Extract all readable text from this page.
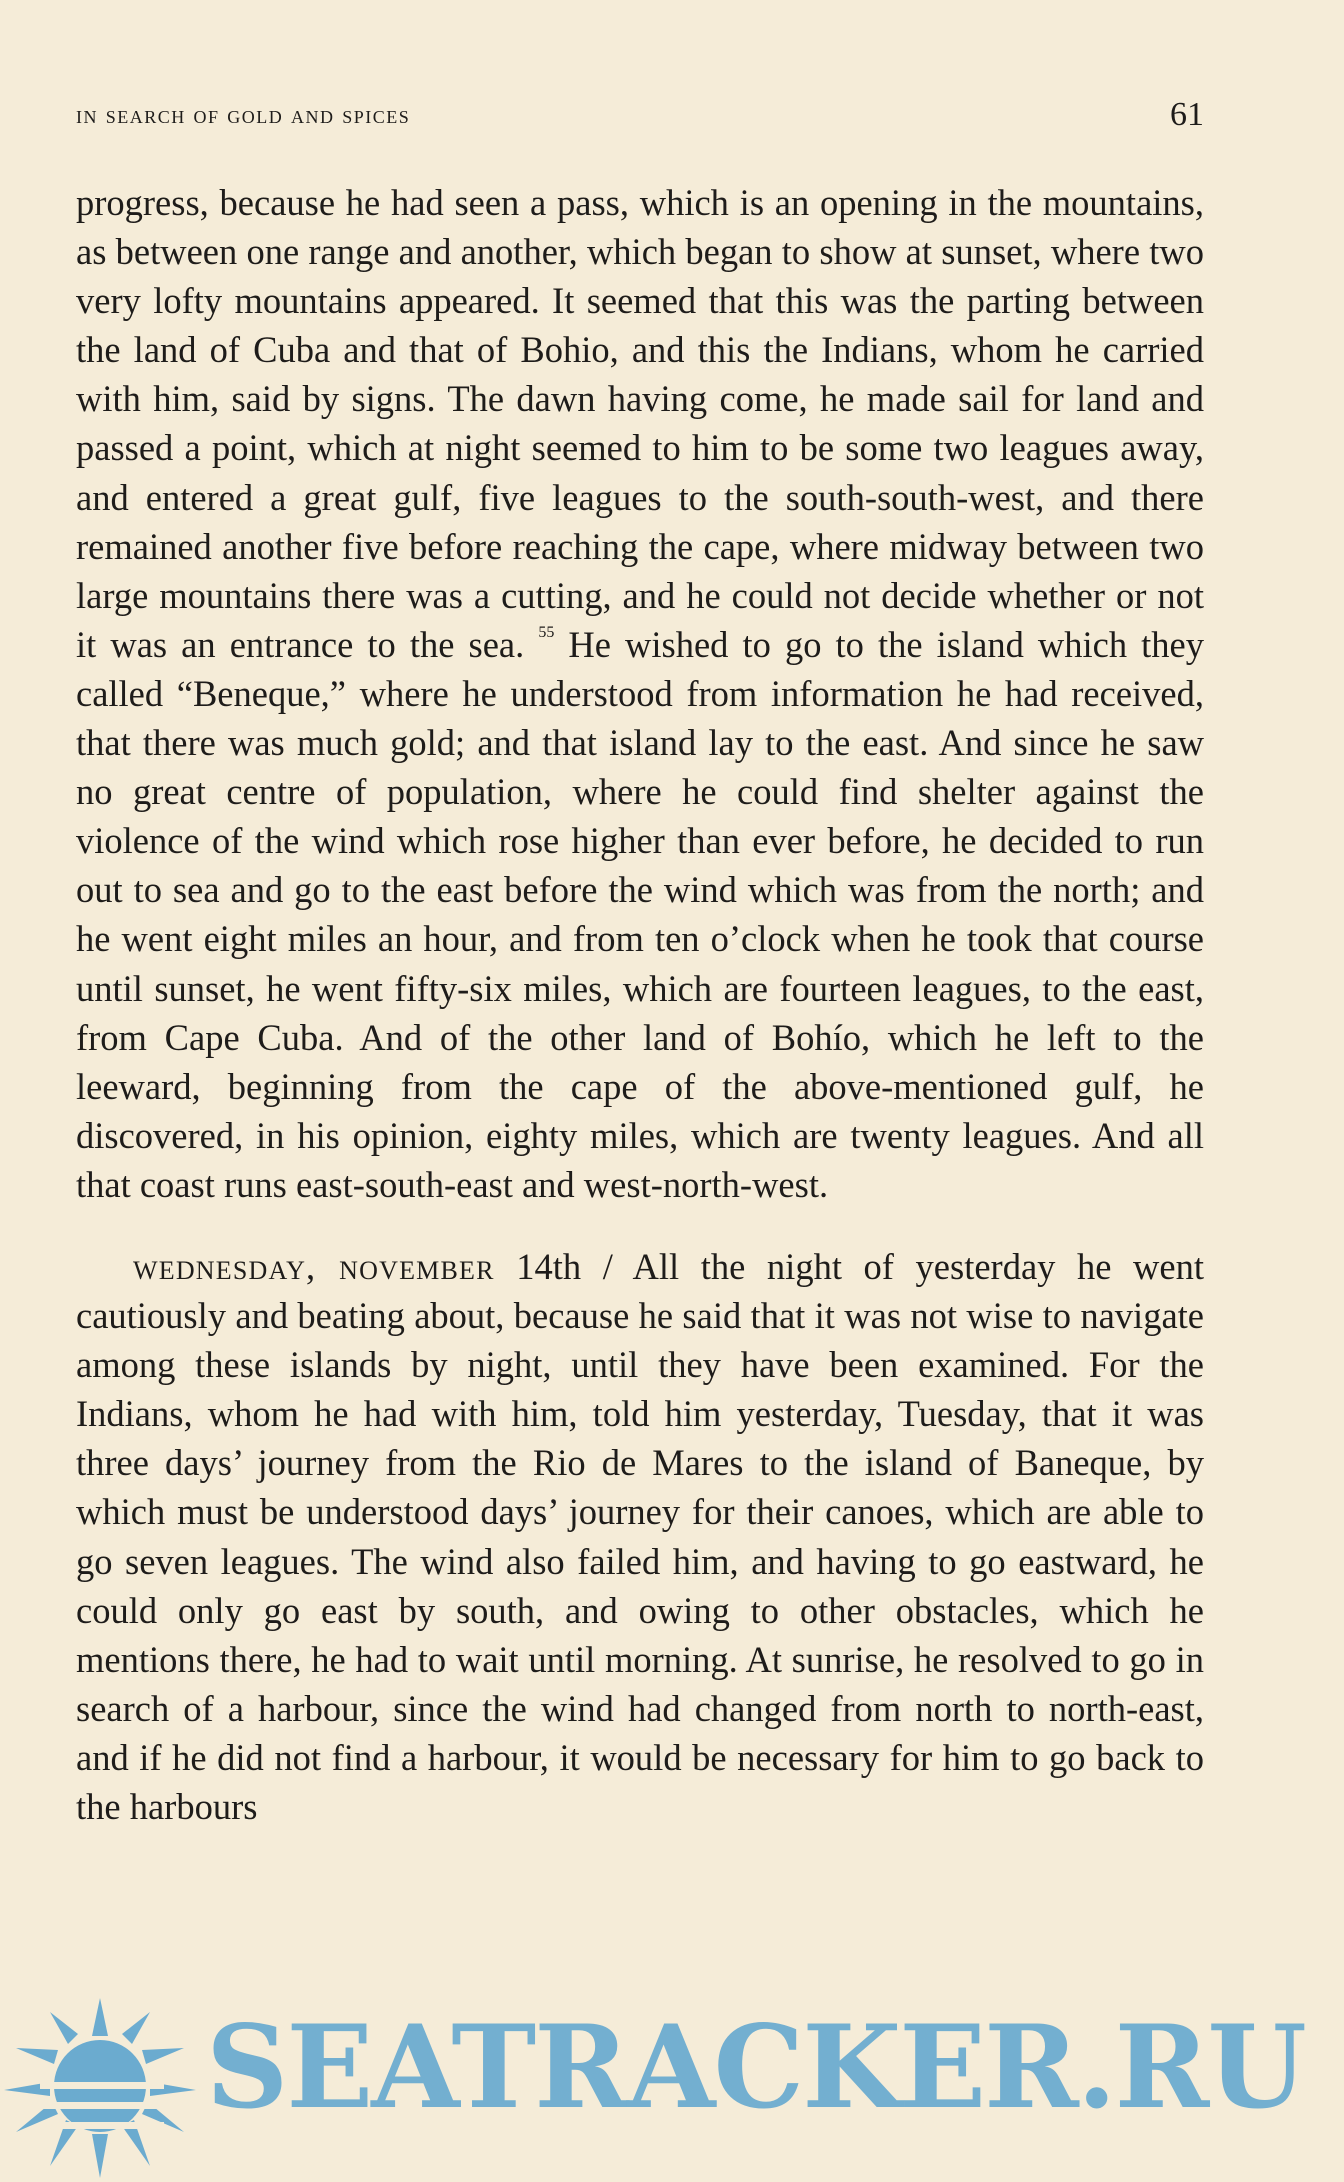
in search of gold and spices	61

progress, because he had seen a pass, which is an opening in the mountains, as between one range and another, which began to show at sunset, where two very lofty mountains appeared. It seemed that this was the parting between the land of Cuba and that of Bohio, and this the Indians, whom he carried with him, said by signs. The dawn having come, he made sail for land and passed a point, which at night seemed to him to be some two leagues away, and entered a great gulf, five leagues to the south-south-west, and there remained another five before reaching the cape, where midway between two large mountains there was a cutting, and he could not decide whether or not it was an entrance to the sea. $^{55}$ He wished to go to the island which they called “Beneque,” where he understood from information he had received, that there was much gold; and that island lay to the east. And since he saw no great centre of population, where he could find shelter against the violence of the wind which rose higher than ever before, he decided to run out to sea and go to the east before the wind which was from the north; and he went eight miles an hour, and from ten o’clock when he took that course until sunset, he went fifty-six miles, which are fourteen leagues, to the east, from Cape Cuba. And of the other land of Bohío, which he left to the leeward, beginning from the cape of the above-mentioned gulf, he discovered, in his opinion, eighty miles, which are twenty leagues. And all that coast runs east-south-east and west-north-west.

wednesday, november 14th / All the night of yesterday he went cautiously and beating about, because he said that it was not wise to navigate among these islands by night, until they have been examined. For the Indians, whom he had with him, told him yesterday, Tuesday, that it was three days’ journey from the Rio de Mares to the island of Baneque, by which must be understood days’ journey for their canoes, which are able to go seven leagues. The wind also failed him, and having to go eastward, he could only go east by south, and owing to other obstacles, which he mentions there, he had to wait until morning. At sunrise, he resolved to go in search of a harbour, since the wind had changed from north to north-east, and if he did not find a harbour, it would be necessary for him to go back to the harbours

SEATRACKER.RU
